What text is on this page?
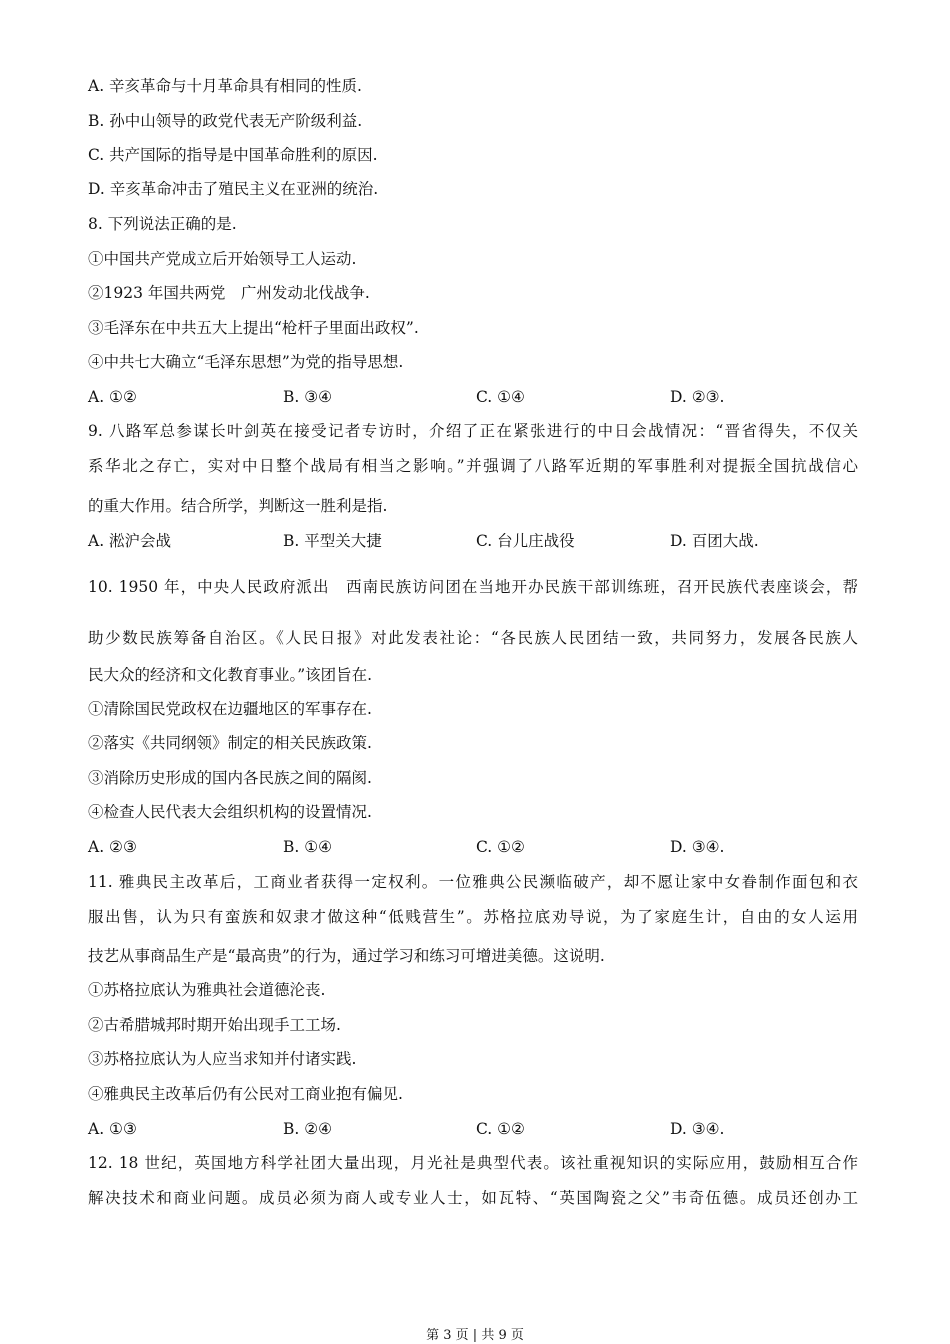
A. 辛亥革命与十月革命具有相同的性质.
B. 孙中山领导的政党代表无产阶级利益.
C. 共产国际的指导是中国革命胜利的原因.
D. 辛亥革命冲击了殖民主义在亚洲的统治.
8. 下列说法正确的是.
①中国共产党成立后开始领导工人运动.
②1923 年国共两党　广州发动北伐战争.
③毛泽东在中共五大上提出“枪杆子里面出政权”.
④中共七大确立“毛泽东思想”为党的指导思想.
A. ①②	B. ③④	C. ①④	D. ②③.
9. 八路军总参谋长叶剑英在接受记者专访时，介绍了正在紧张进行的中日会战情况：“晋省得失，不仅关
系华北之存亡，实对中日整个战局有相当之影响。”并强调了八路军近期的军事胜利对提振全国抗战信心
的重大作用。结合所学，判断这一胜利是指.
A. 淞沪会战	B. 平型关大捷	C. 台儿庄战役	D. 百团大战.
10. 1950 年，中央人民政府派出　西南民族访问团在当地开办民族干部训练班，召开民族代表座谈会，帮
助少数民族筹备自治区。《人民日报》对此发表社论：“各民族人民团结一致，共同努力，发展各民族人
民大众的经济和文化教育事业。”该团旨在.
①清除国民党政权在边疆地区的军事存在.
②落实《共同纲领》制定的相关民族政策.
③消除历史形成的国内各民族之间的隔阂.
④检查人民代表大会组织机构的设置情况.
A. ②③	B. ①④	C. ①②	D. ③④.
11. 雅典民主改革后，工商业者获得一定权利。一位雅典公民濒临破产，却不愿让家中女眷制作面包和衣
服出售，认为只有蛮族和奴隶才做这种“低贱营生”。苏格拉底劝导说，为了家庭生计，自由的女人运用
技艺从事商品生产是“最高贵”的行为，通过学习和练习可增进美德。这说明.
①苏格拉底认为雅典社会道德沦丧.
②古希腊城邦时期开始出现手工工场.
③苏格拉底认为人应当求知并付诸实践.
④雅典民主改革后仍有公民对工商业抱有偏见.
A. ①③	B. ②④	C. ①②	D. ③④.
12. 18 世纪，英国地方科学社团大量出现，月光社是典型代表。该社重视知识的实际应用，鼓励相互合作
解决技术和商业问题。成员必须为商人或专业人士，如瓦特、“英国陶瓷之父”韦奇伍德。成员还创办工
第 3 页 | 共 9 页
